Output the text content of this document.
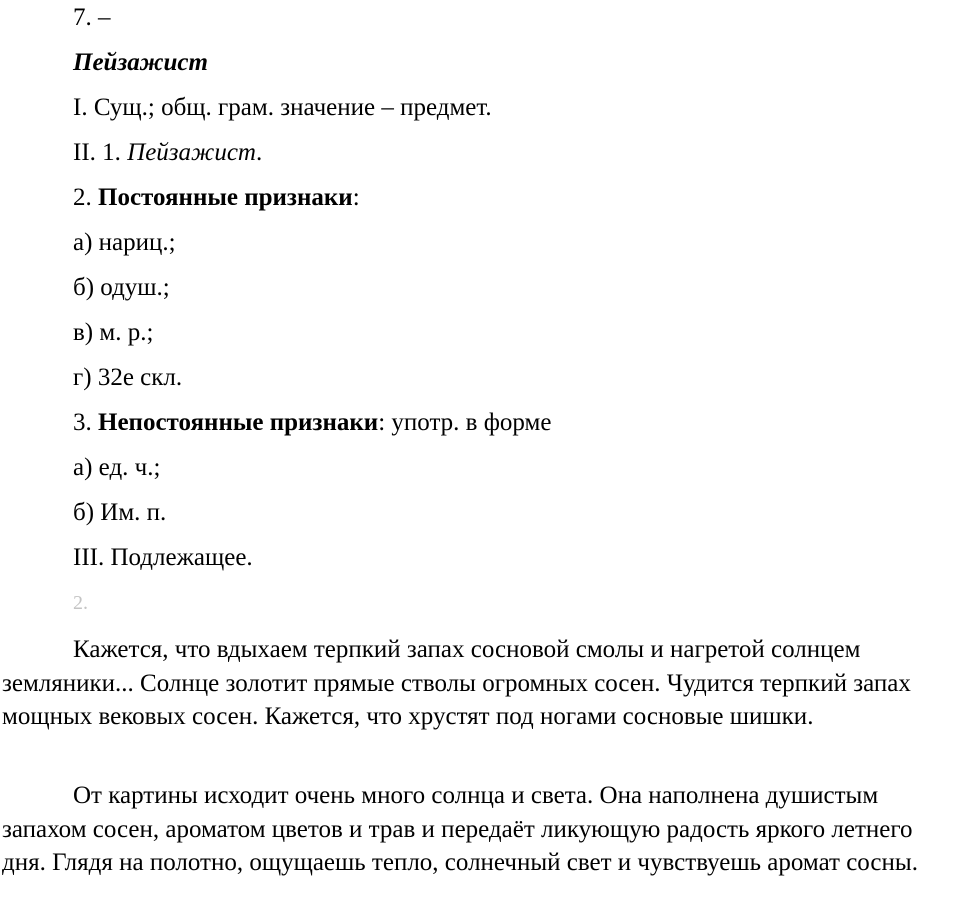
7. –
Пейзажист
I. Сущ.; общ. грам. значение – предмет.
II. 1. Пейзажист.
2. Постоянные признаки:
а) нариц.;
б) одуш.;
в) м. р.;
г) 32е скл.
3. Непостоянные признаки: употр. в форме
а) ед. ч.;
б) Им. п.
III. Подлежащее.
2.

Кажется, что вдыхаем терпкий запах сосновой смолы и нагретой солнцем земляники... Солнце золотит прямые стволы огромных сосен. Чудится терпкий запах мощных вековых сосен. Кажется, что хрустят под ногами сосновые шишки.

От картины исходит очень много солнца и света. Она наполнена душистым запахом сосен, ароматом цветов и трав и передаёт ликующую радость яркого летнего дня. Глядя на полотно, ощущаешь тепло, солнечный свет и чувствуешь аромат сосны.
